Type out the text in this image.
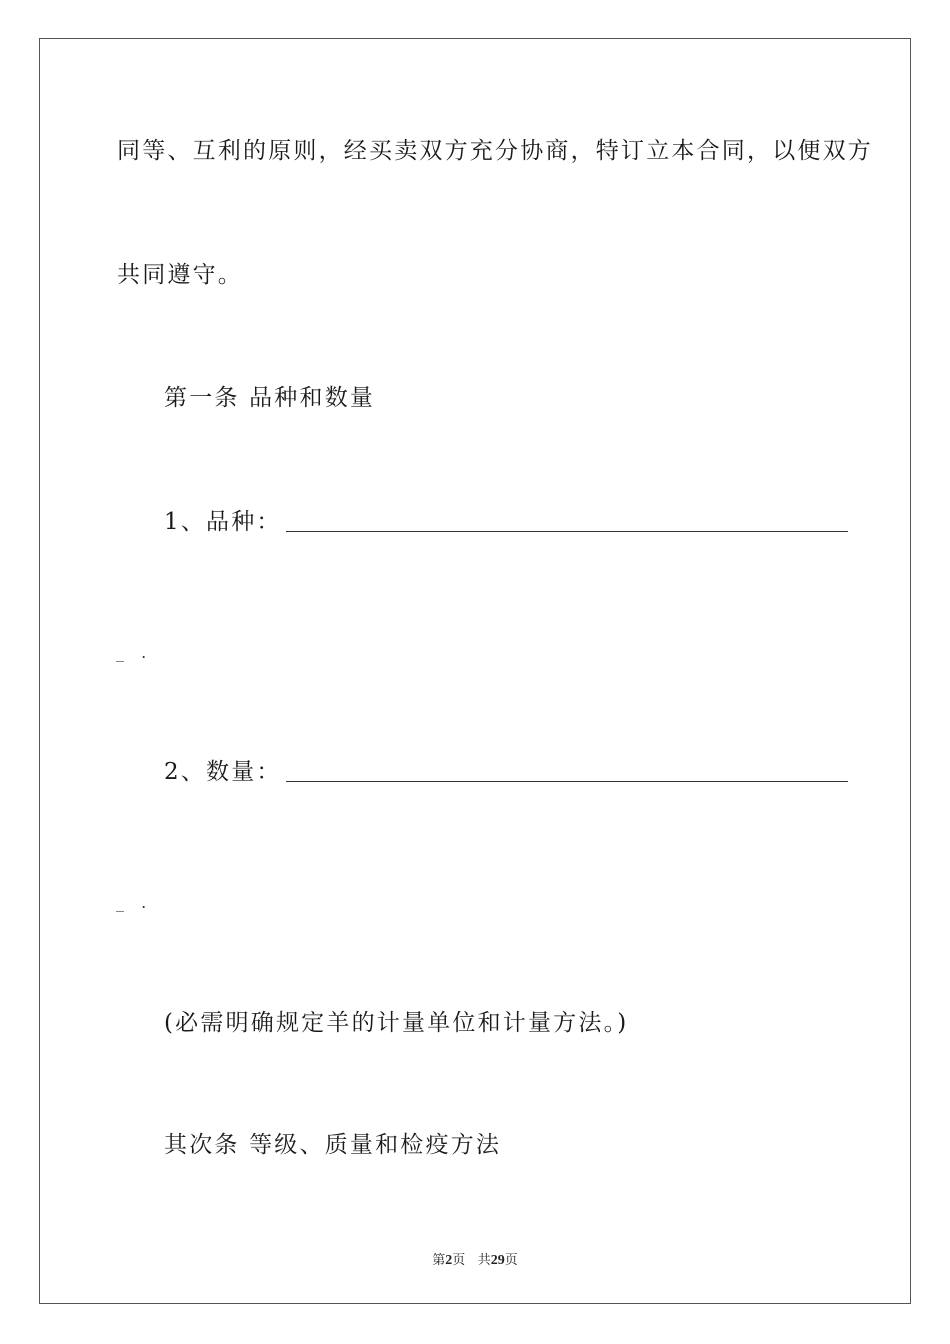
同等、互利的原则，经买卖双方充分协商，特订立本合同，以便双方
共同遵守。
第一条 品种和数量
1、品种：
_ .
2、数量：
_ .
(必需明确规定羊的计量单位和计量方法。)
其次条 等级、质量和检疫方法
第2页 共29页
